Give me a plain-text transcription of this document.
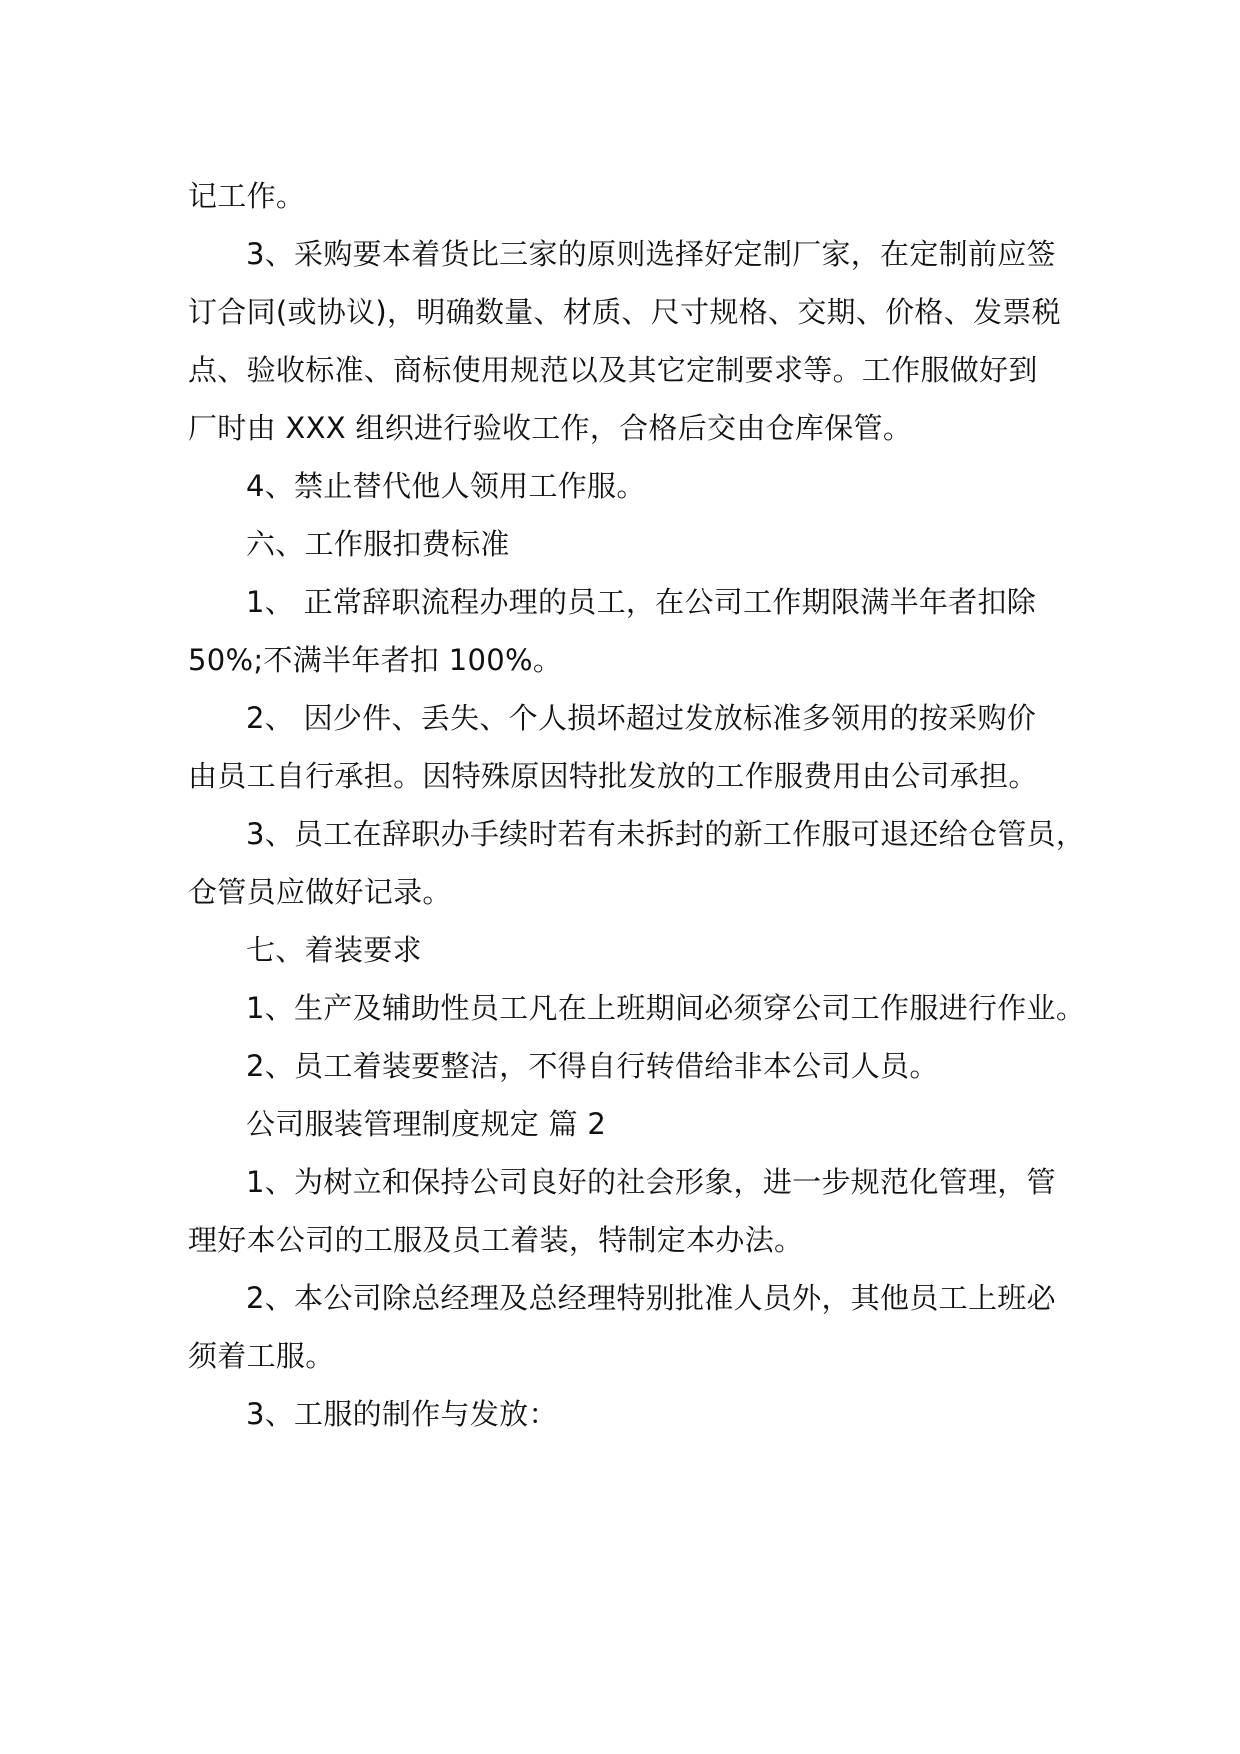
记工作。
3、采购要本着货比三家的原则选择好定制厂家，在定制前应签
订合同(或协议)，明确数量、材质、尺寸规格、交期、价格、发票税
点、验收标准、商标使用规范以及其它定制要求等。工作服做好到
厂时由 XXX 组织进行验收工作，合格后交由仓库保管。
4、禁止替代他人领用工作服。
六、工作服扣费标准
1、 正常辞职流程办理的员工，在公司工作期限满半年者扣除
50%;不满半年者扣 100%。
2、 因少件、丢失、个人损坏超过发放标准多领用的按采购价
由员工自行承担。因特殊原因特批发放的工作服费用由公司承担。
3、员工在辞职办手续时若有未拆封的新工作服可退还给仓管员，
仓管员应做好记录。
七、着装要求
1、生产及辅助性员工凡在上班期间必须穿公司工作服进行作业。
2、员工着装要整洁，不得自行转借给非本公司人员。
公司服装管理制度规定 篇 2
1、为树立和保持公司良好的社会形象，进一步规范化管理，管
理好本公司的工服及员工着装，特制定本办法。
2、本公司除总经理及总经理特别批准人员外，其他员工上班必
须着工服。
3、工服的制作与发放：
